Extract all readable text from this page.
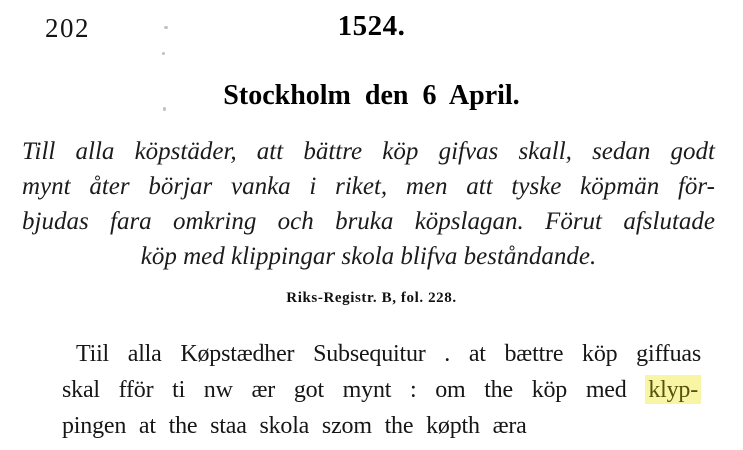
202	1524.
Stockholm den 6 April.
Till alla köpstäder, att bättre köp gifvas skall, sedan godt
mynt åter börjar vanka i riket, men att tyske köpmän för-
bjudas fara omkring och bruka köpslagan. Förut afslutade
köp med klippingar skola blifva beståndande.
Riks-Registr. B, fol. 228.
Tiil alla Køpstædher Subsequitur . at bættre köp giffuas
skal fför ti nw ær got mynt : om the köp med klyp-
pingen at the staa skola szom the køpth æra
